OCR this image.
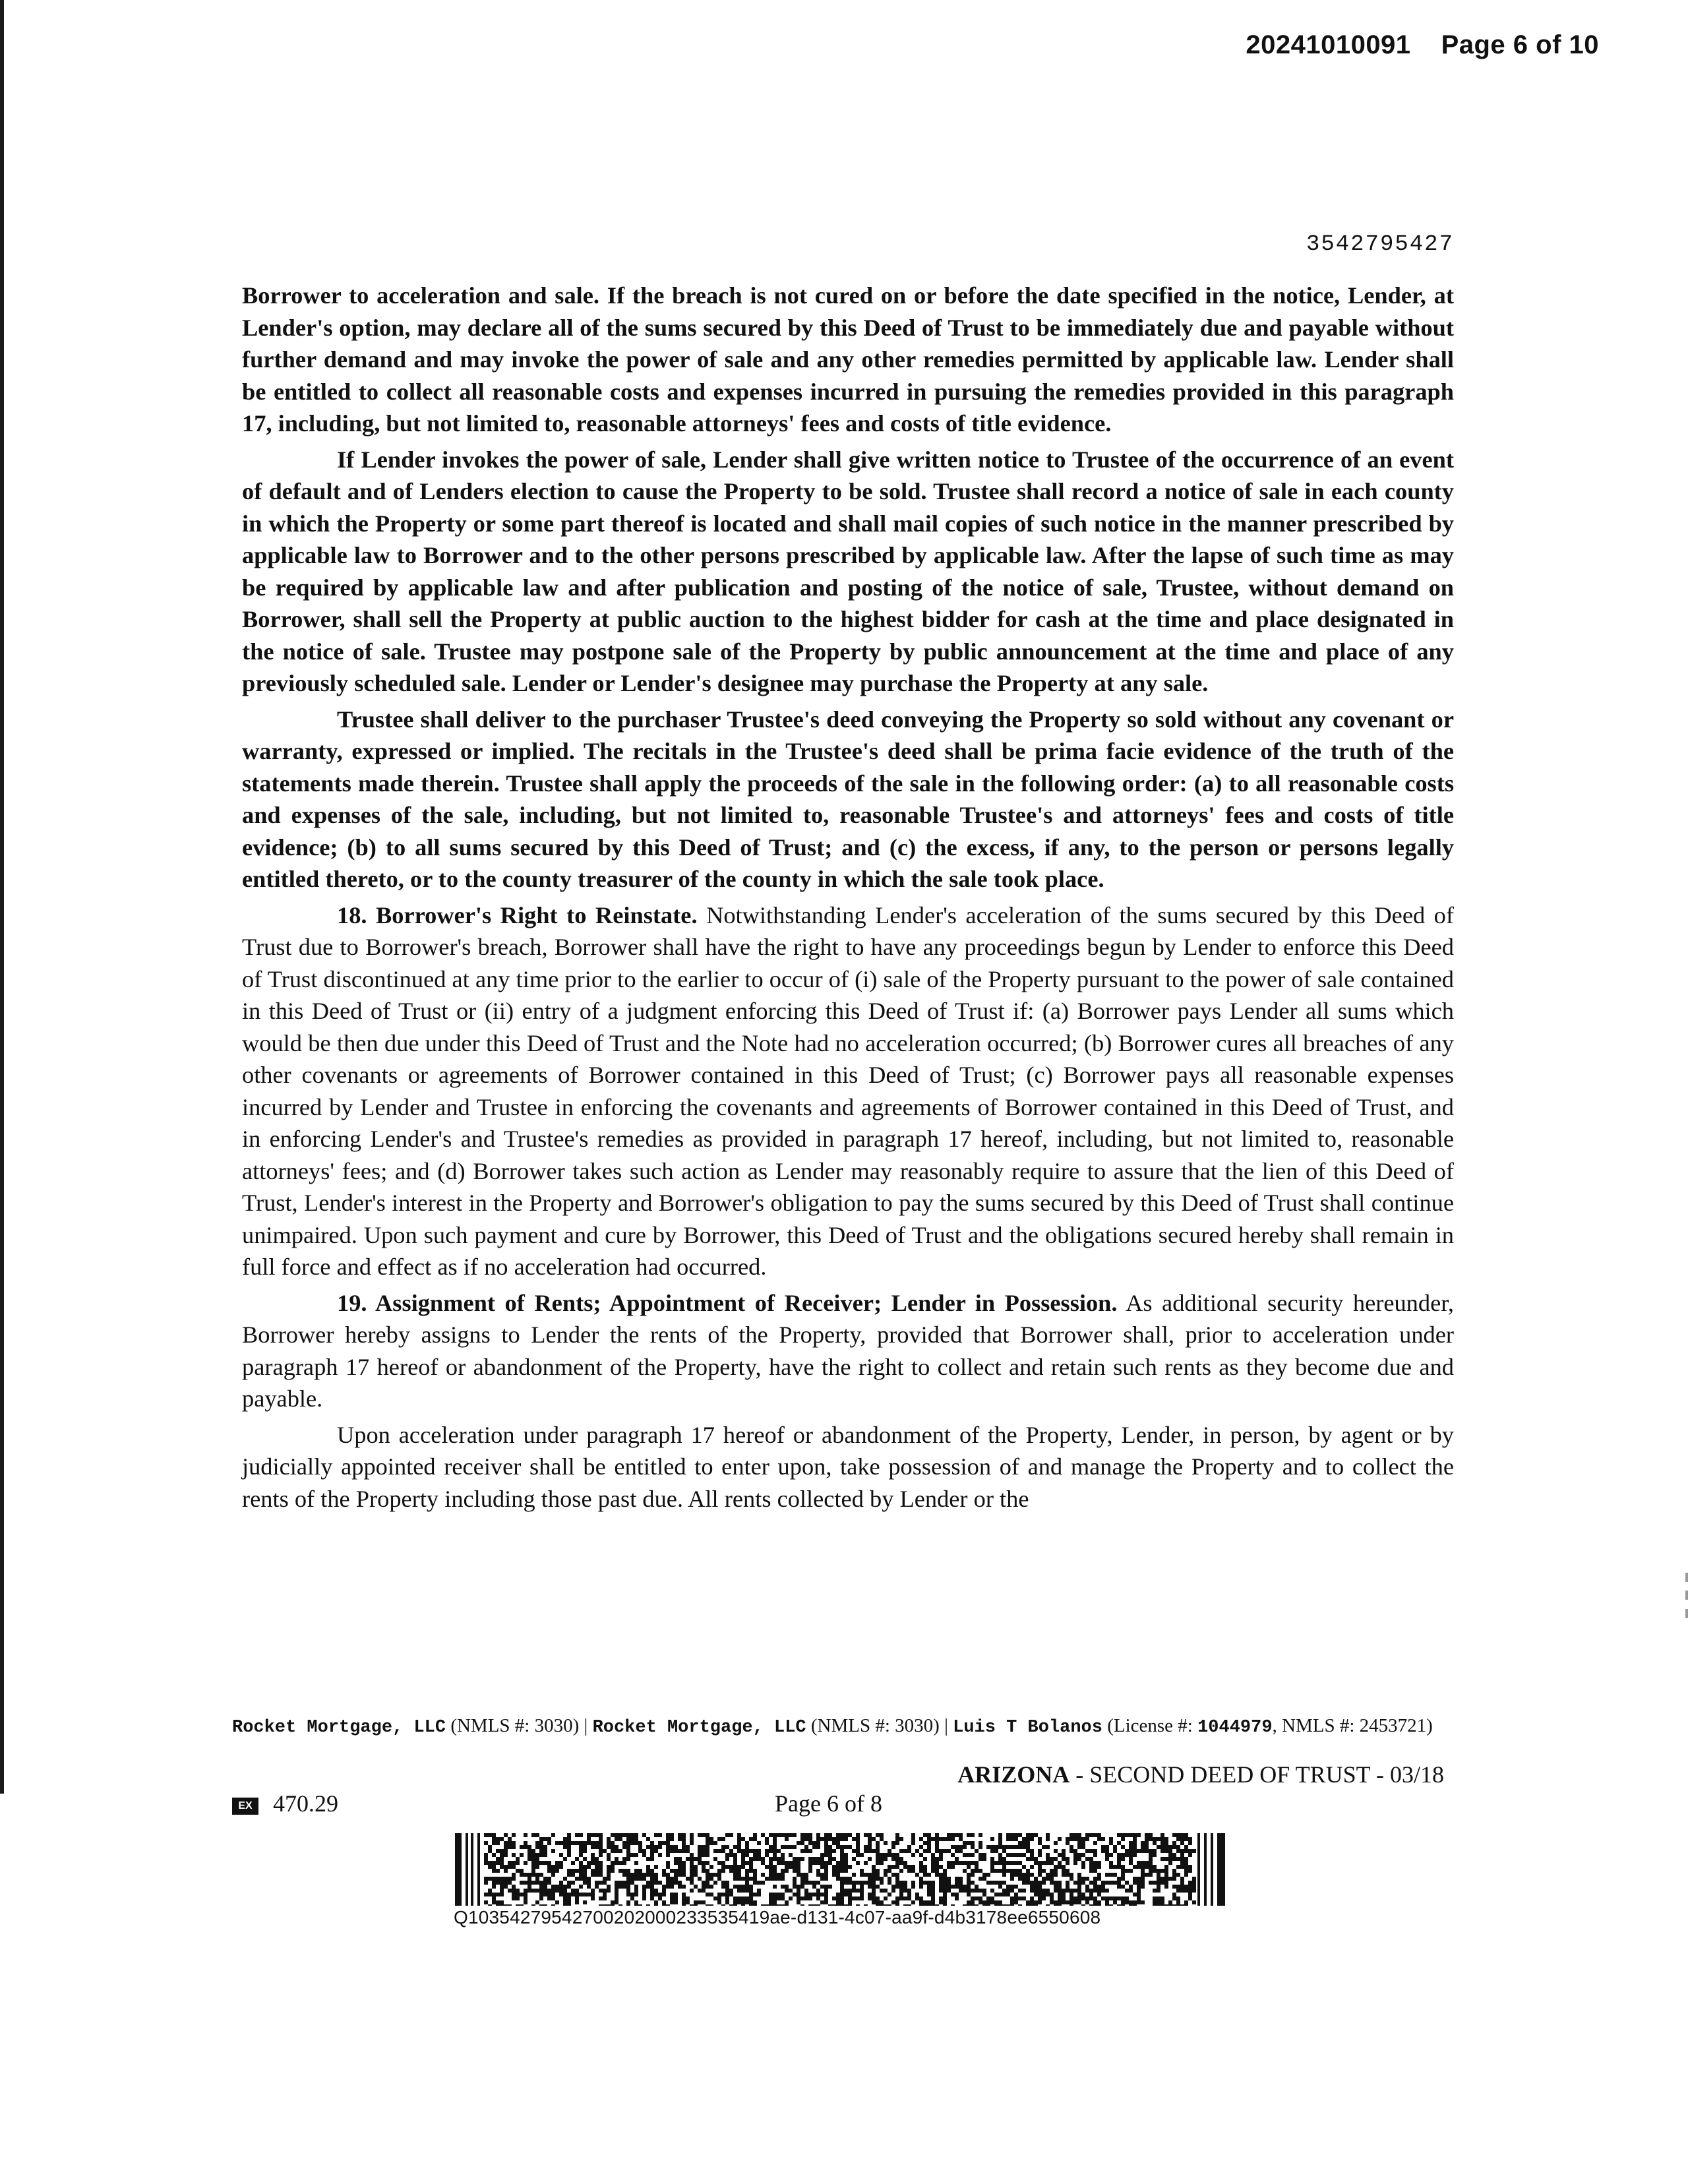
20241010091 Page 6 of 10
3542795427

Borrower to acceleration and sale. If the breach is not cured on or before the date specified in the notice, Lender, at Lender's option, may declare all of the sums secured by this Deed of Trust to be immediately due and payable without further demand and may invoke the power of sale and any other remedies permitted by applicable law. Lender shall be entitled to collect all reasonable costs and expenses incurred in pursuing the remedies provided in this paragraph 17, including, but not limited to, reasonable attorneys' fees and costs of title evidence.

If Lender invokes the power of sale, Lender shall give written notice to Trustee of the occurrence of an event of default and of Lenders election to cause the Property to be sold. Trustee shall record a notice of sale in each county in which the Property or some part thereof is located and shall mail copies of such notice in the manner prescribed by applicable law to Borrower and to the other persons prescribed by applicable law. After the lapse of such time as may be required by applicable law and after publication and posting of the notice of sale, Trustee, without demand on Borrower, shall sell the Property at public auction to the highest bidder for cash at the time and place designated in the notice of sale. Trustee may postpone sale of the Property by public announcement at the time and place of any previously scheduled sale. Lender or Lender's designee may purchase the Property at any sale.

Trustee shall deliver to the purchaser Trustee's deed conveying the Property so sold without any covenant or warranty, expressed or implied. The recitals in the Trustee's deed shall be prima facie evidence of the truth of the statements made therein. Trustee shall apply the proceeds of the sale in the following order: (a) to all reasonable costs and expenses of the sale, including, but not limited to, reasonable Trustee's and attorneys' fees and costs of title evidence; (b) to all sums secured by this Deed of Trust; and (c) the excess, if any, to the person or persons legally entitled thereto, or to the county treasurer of the county in which the sale took place.

18. Borrower's Right to Reinstate. Notwithstanding Lender's acceleration of the sums secured by this Deed of Trust due to Borrower's breach, Borrower shall have the right to have any proceedings begun by Lender to enforce this Deed of Trust discontinued at any time prior to the earlier to occur of (i) sale of the Property pursuant to the power of sale contained in this Deed of Trust or (ii) entry of a judgment enforcing this Deed of Trust if: (a) Borrower pays Lender all sums which would be then due under this Deed of Trust and the Note had no acceleration occurred; (b) Borrower cures all breaches of any other covenants or agreements of Borrower contained in this Deed of Trust; (c) Borrower pays all reasonable expenses incurred by Lender and Trustee in enforcing the covenants and agreements of Borrower contained in this Deed of Trust, and in enforcing Lender's and Trustee's remedies as provided in paragraph 17 hereof, including, but not limited to, reasonable attorneys' fees; and (d) Borrower takes such action as Lender may reasonably require to assure that the lien of this Deed of Trust, Lender's interest in the Property and Borrower's obligation to pay the sums secured by this Deed of Trust shall continue unimpaired. Upon such payment and cure by Borrower, this Deed of Trust and the obligations secured hereby shall remain in full force and effect as if no acceleration had occurred.

19. Assignment of Rents; Appointment of Receiver; Lender in Possession. As additional security hereunder, Borrower hereby assigns to Lender the rents of the Property, provided that Borrower shall, prior to acceleration under paragraph 17 hereof or abandonment of the Property, have the right to collect and retain such rents as they become due and payable.

Upon acceleration under paragraph 17 hereof or abandonment of the Property, Lender, in person, by agent or by judicially appointed receiver shall be entitled to enter upon, take possession of and manage the Property and to collect the rents of the Property including those past due. All rents collected by Lender or the

Rocket Mortgage, LLC (NMLS #: 3030) | Rocket Mortgage, LLC (NMLS #: 3030) | Luis T Bolanos (License #: 1044979, NMLS #: 2453721)
ARIZONA - SECOND DEED OF TRUST - 03/18
EX 470.29	Page 6 of 8
Q10354279542700202000233535419ae-d131-4c07-aa9f-d4b3178ee6550608
